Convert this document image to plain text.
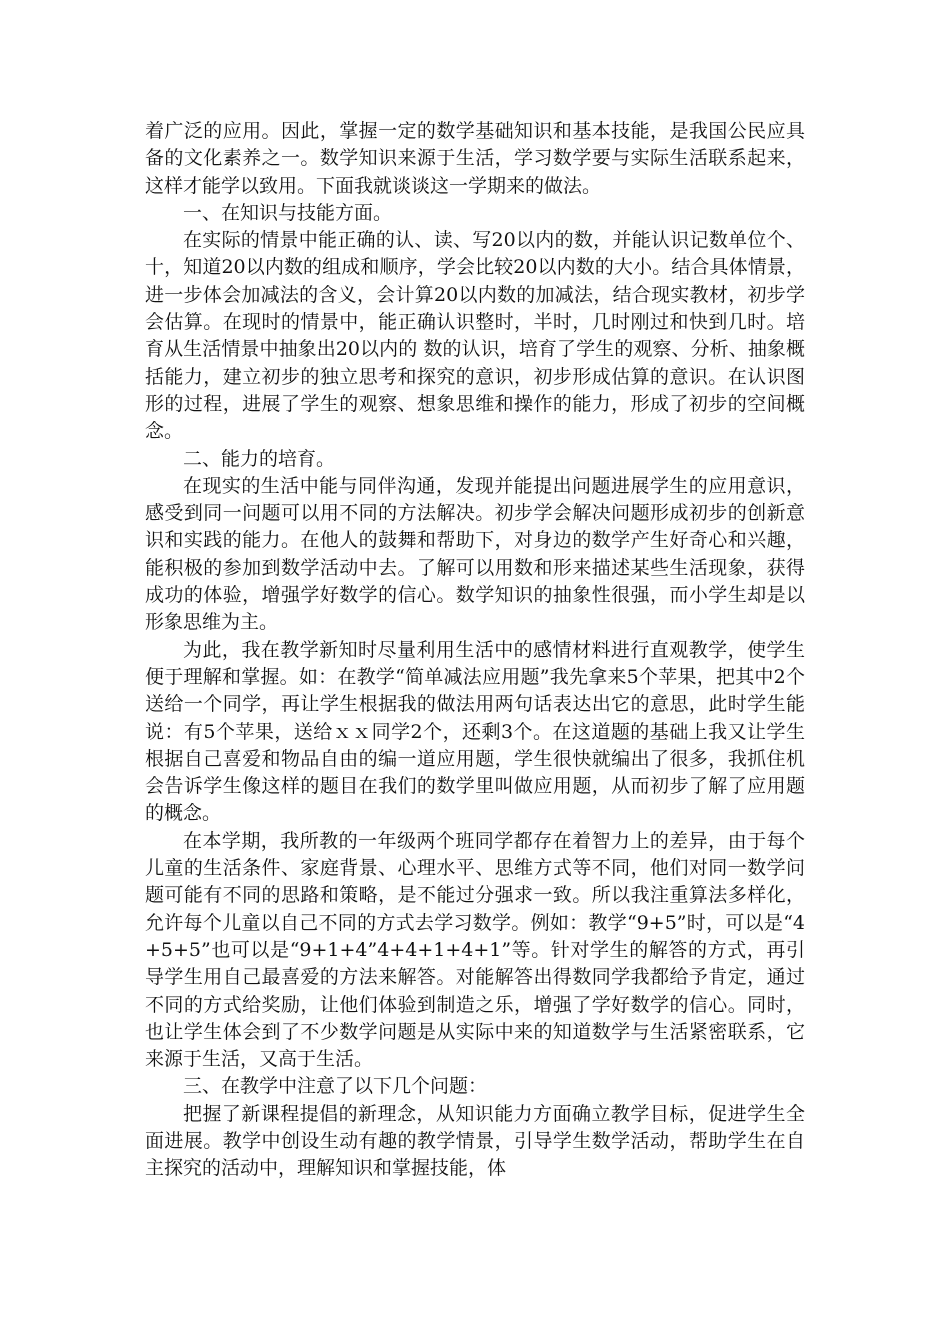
着广泛的应用。因此，掌握一定的数学基础知识和基本技能，是我国公民应具备的文化素养之一。数学知识来源于生活，学习数学要与实际生活联系起来，这样才能学以致用。下面我就谈谈这一学期来的做法。

一、在知识与技能方面。

在实际的情景中能正确的认、读、写20以内的数，并能认识记数单位个、十，知道20以内数的组成和顺序，学会比较20以内数的大小。结合具体情景，进一步体会加减法的含义，会计算20以内数的加减法，结合现实教材，初步学会估算。在现时的情景中，能正确认识整时，半时，几时刚过和快到几时。培育从生活情景中抽象出20以内的 数的认识，培育了学生的观察、分析、抽象概括能力，建立初步的独立思考和探究的意识，初步形成估算的意识。在认识图形的过程，进展了学生的观察、想象思维和操作的能力，形成了初步的空间概念。

二、能力的培育。

在现实的生活中能与同伴沟通，发现并能提出问题进展学生的应用意识，感受到同一问题可以用不同的方法解决。初步学会解决问题形成初步的创新意识和实践的能力。在他人的鼓舞和帮助下，对身边的数学产生好奇心和兴趣，能积极的参加到数学活动中去。了解可以用数和形来描述某些生活现象，获得成功的体验，增强学好数学的信心。数学知识的抽象性很强，而小学生却是以形象思维为主。

为此，我在教学新知时尽量利用生活中的感情材料进行直观教学，使学生便于理解和掌握。如：在教学“简单减法应用题”我先拿来5个苹果，把其中2个送给一个同学，再让学生根据我的做法用两句话表达出它的意思，此时学生能说：有5个苹果，送给ｘｘ同学2个，还剩3个。在这道题的基础上我又让学生根据自己喜爱和物品自由的编一道应用题，学生很快就编出了很多，我抓住机会告诉学生像这样的题目在我们的数学里叫做应用题，从而初步了解了应用题的概念。

在本学期，我所教的一年级两个班同学都存在着智力上的差异，由于每个儿童的生活条件、家庭背景、心理水平、思维方式等不同，他们对同一数学问题可能有不同的思路和策略，是不能过分强求一致。所以我注重算法多样化，允许每个儿童以自己不同的方式去学习数学。例如：教学“9+5”时，可以是“4+5+5”也可以是“9+1+4”4+4+1+4+1”等。针对学生的解答的方式，再引导学生用自己最喜爱的方法来解答。对能解答出得数同学我都给予肯定，通过不同的方式给奖励，让他们体验到制造之乐，增强了学好数学的信心。同时，也让学生体会到了不少数学问题是从实际中来的知道数学与生活紧密联系，它来源于生活，又高于生活。

三、在教学中注意了以下几个问题：

把握了新课程提倡的新理念，从知识能力方面确立教学目标，促进学生全面进展。教学中创设生动有趣的教学情景，引导学生数学活动，帮助学生在自主探究的活动中，理解知识和掌握技能，体
